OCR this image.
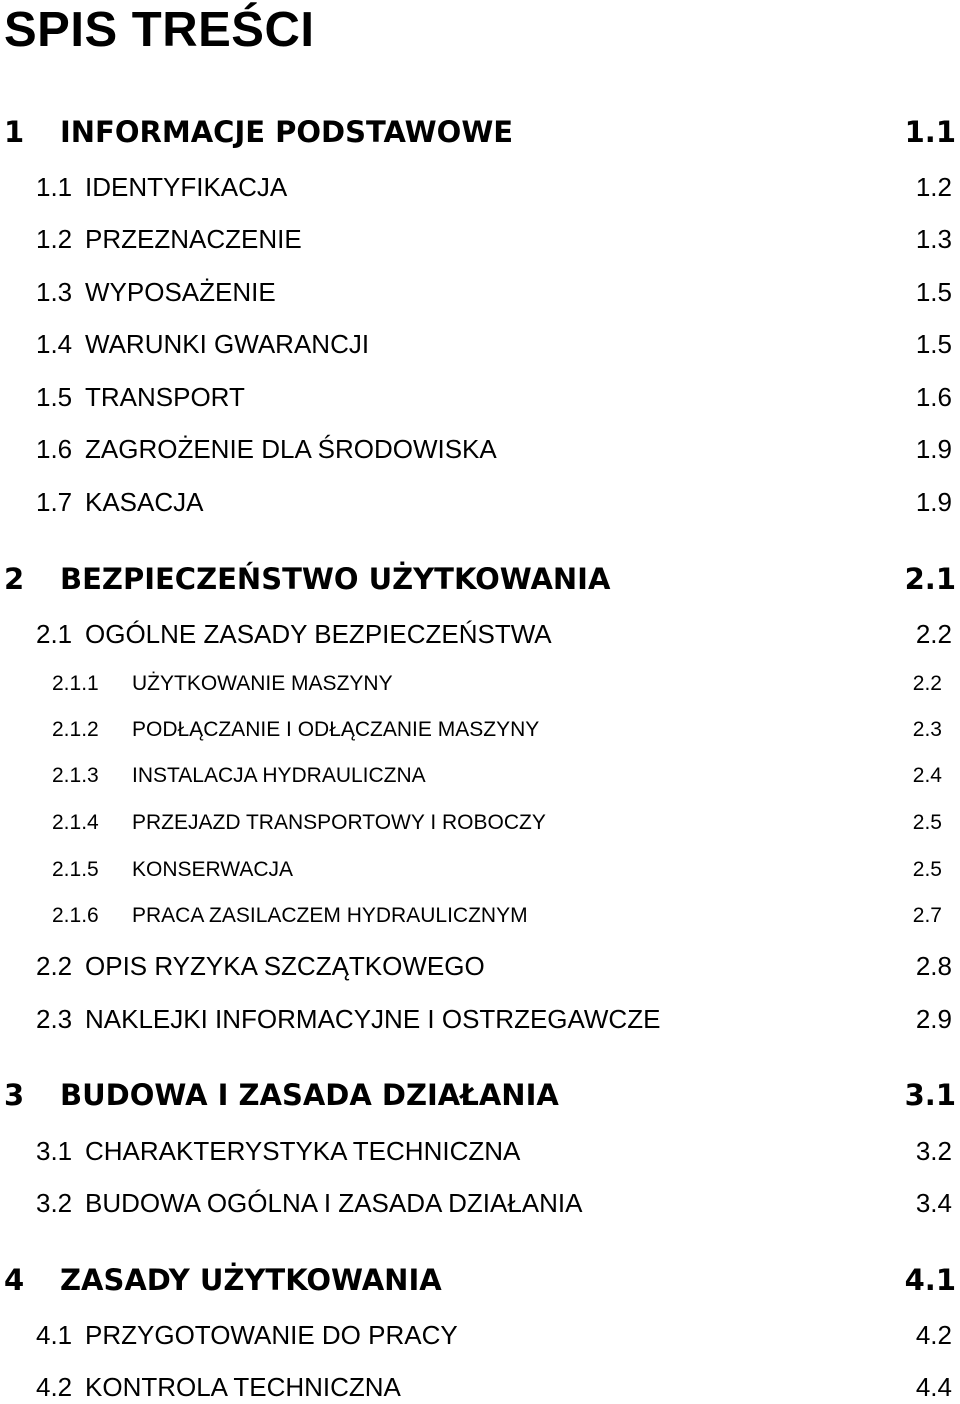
SPIS TREŚCI
1 INFORMACJE PODSTAWOWE	1.1
1.1 IDENTYFIKACJA	1.2
1.2 PRZEZNACZENIE	1.3
1.3 WYPOSAŻENIE	1.5
1.4 WARUNKI GWARANCJI	1.5
1.5 TRANSPORT	1.6
1.6 ZAGROŻENIE DLA ŚRODOWISKA	1.9
1.7 KASACJA	1.9
2 BEZPIECZEŃSTWO UŻYTKOWANIA	2.1
2.1 OGÓLNE ZASADY BEZPIECZEŃSTWA	2.2
2.1.1 UŻYTKOWANIE MASZYNY	2.2
2.1.2 PODŁĄCZANIE I ODŁĄCZANIE MASZYNY	2.3
2.1.3 INSTALACJA HYDRAULICZNA	2.4
2.1.4 PRZEJAZD TRANSPORTOWY I ROBOCZY	2.5
2.1.5 KONSERWACJA	2.5
2.1.6 PRACA ZASILACZEM HYDRAULICZNYM	2.7
2.2 OPIS RYZYKA SZCZĄTKOWEGO	2.8
2.3 NAKLEJKI INFORMACYJNE I OSTRZEGAWCZE	2.9
3 BUDOWA I ZASADA DZIAŁANIA	3.1
3.1 CHARAKTERYSTYKA TECHNICZNA	3.2
3.2 BUDOWA OGÓLNA I ZASADA DZIAŁANIA	3.4
4 ZASADY UŻYTKOWANIA	4.1
4.1 PRZYGOTOWANIE DO PRACY	4.2
4.2 KONTROLA TECHNICZNA	4.4
